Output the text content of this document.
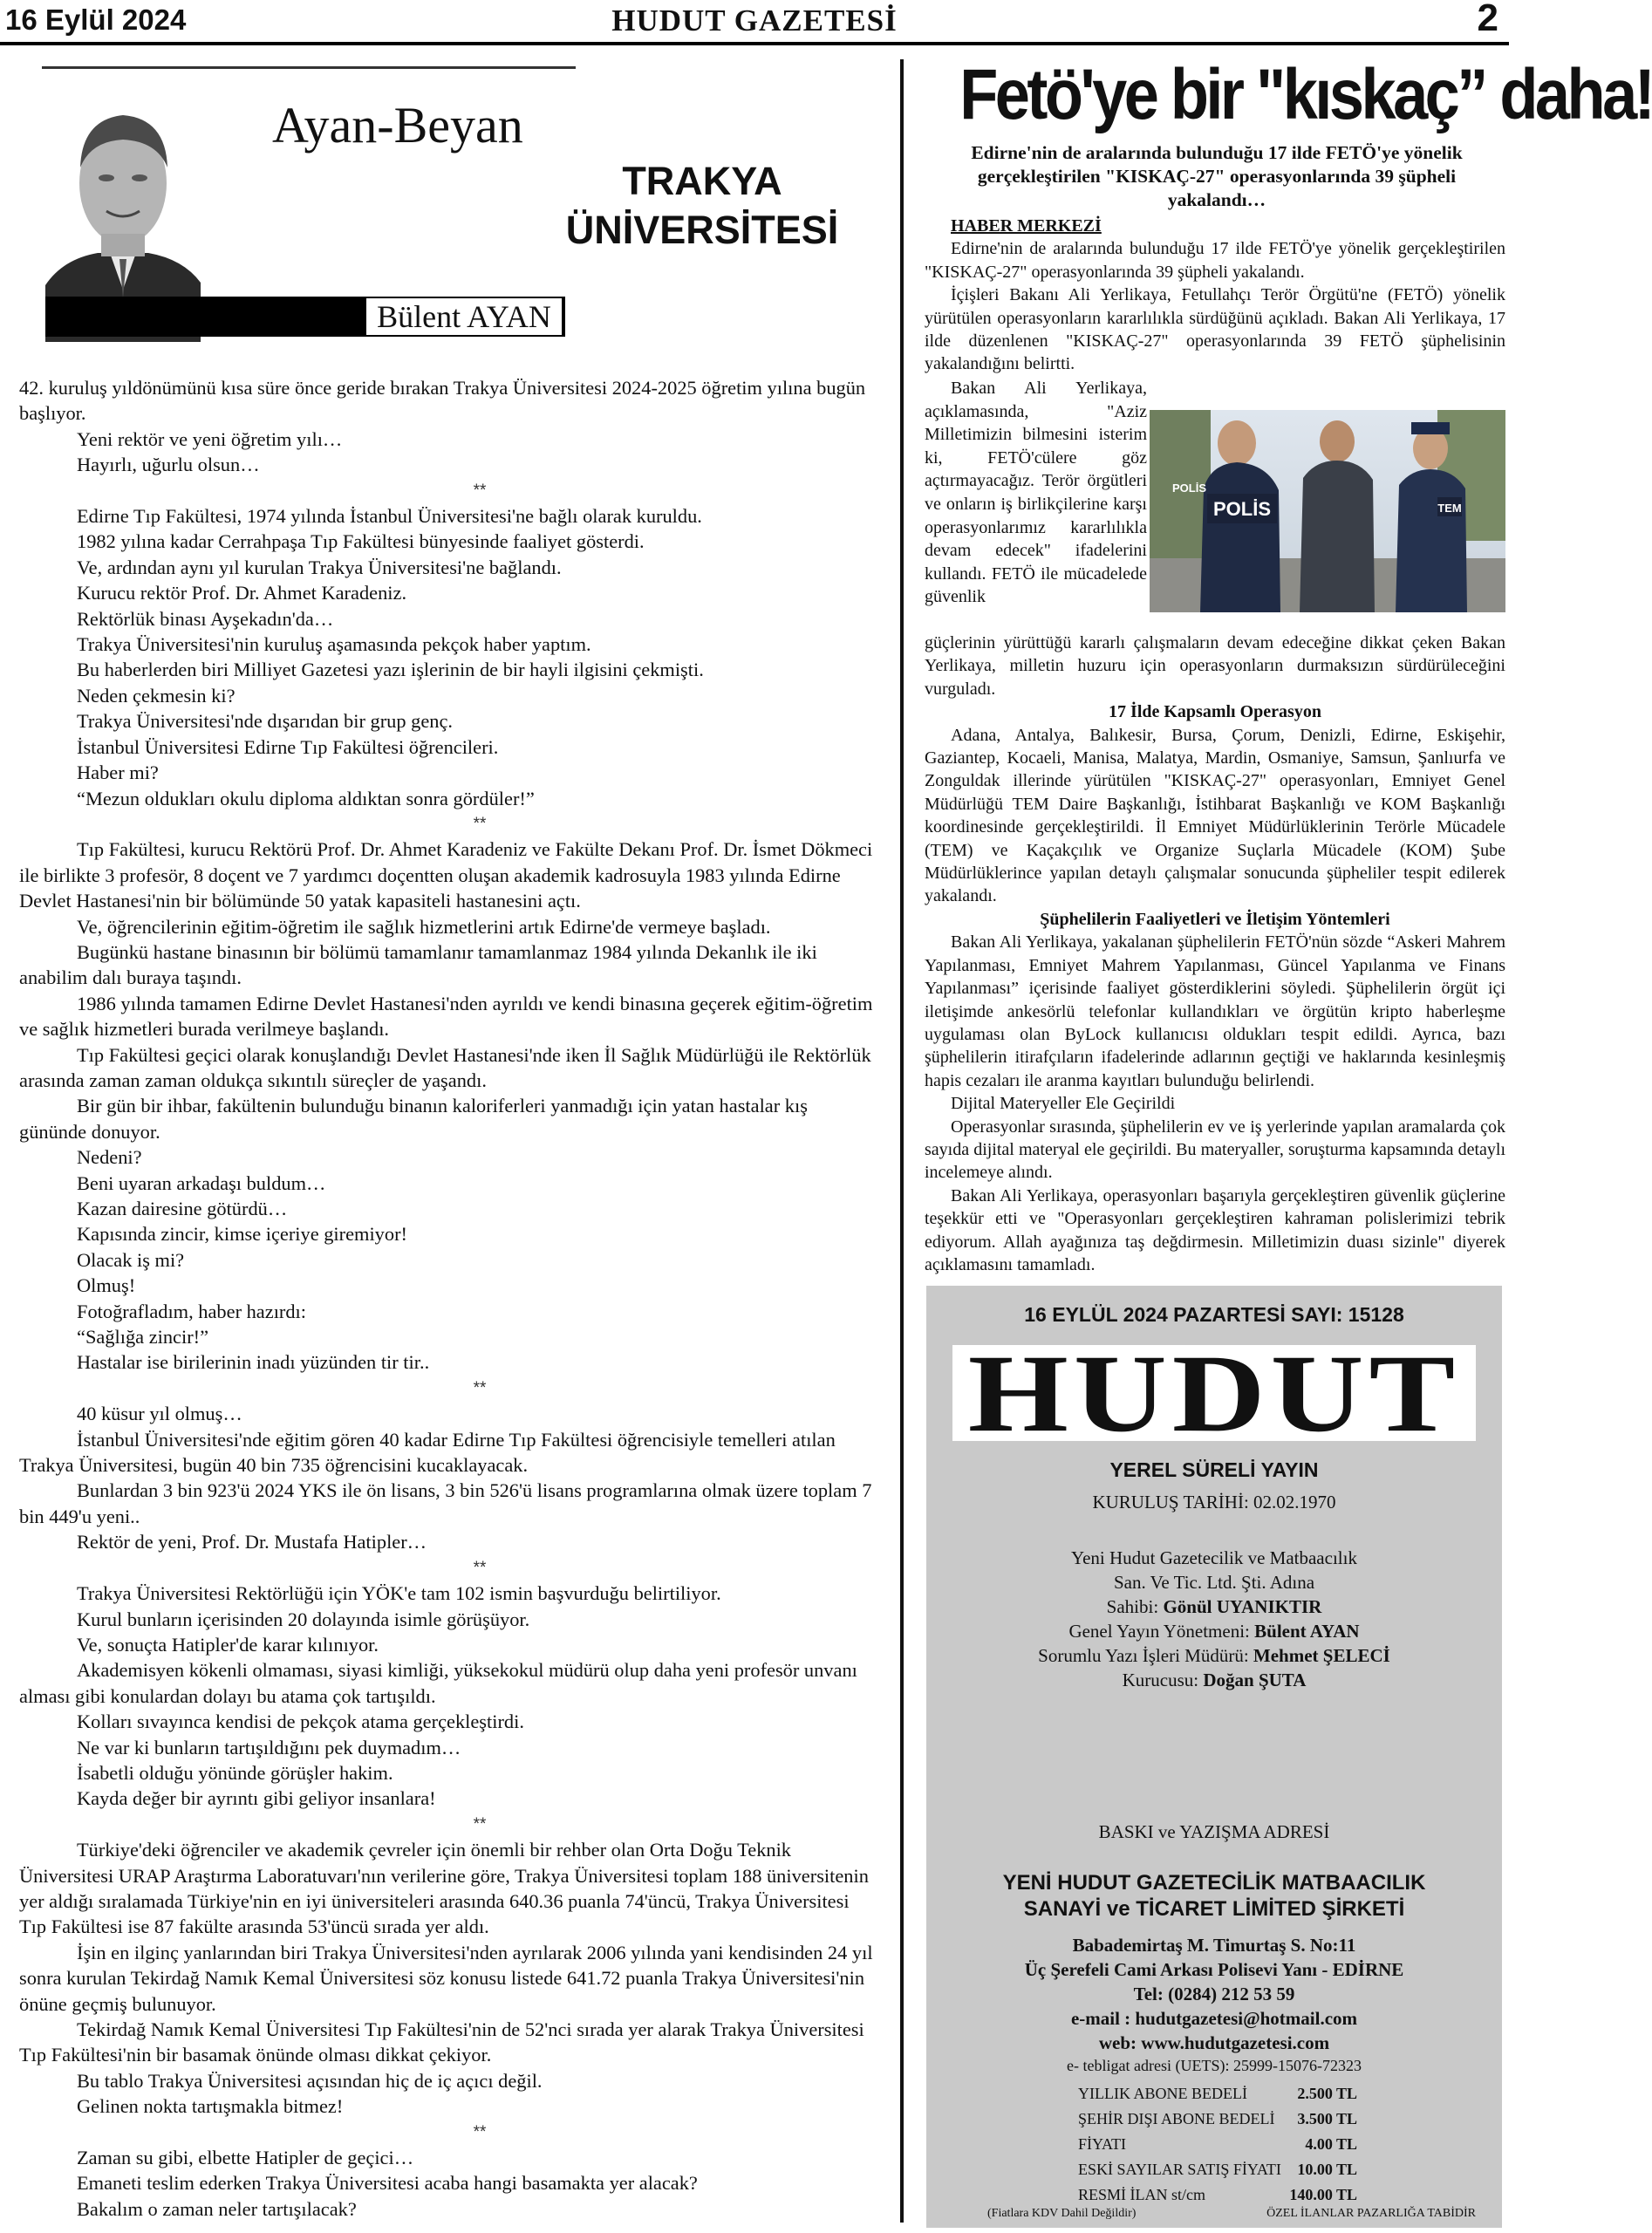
16 Eylül 2024	HUDUT GAZETESİ	2
Ayan-Beyan
Bülent AYAN
TRAKYA
ÜNİVERSİTESİ

42. kuruluş yıldönümünü kısa süre önce geride bırakan Trakya Üniversitesi 2024-2025 öğretim yılına bugün başlıyor.

Yeni rektör ve yeni öğretim yılı…

Hayırlı, uğurlu olsun…

**

Edirne Tıp Fakültesi, 1974 yılında İstanbul Üniversitesi'ne bağlı olarak kuruldu.

1982 yılına kadar Cerrahpaşa Tıp Fakültesi bünyesinde faaliyet gösterdi.

Ve, ardından aynı yıl kurulan Trakya Üniversitesi'ne bağlandı.

Kurucu rektör Prof. Dr. Ahmet Karadeniz.

Rektörlük binası Ayşekadın'da…

Trakya Üniversitesi'nin kuruluş aşamasında pekçok haber yaptım.

Bu haberlerden biri Milliyet Gazetesi yazı işlerinin de bir hayli ilgisini çekmişti.

Neden çekmesin ki?

Trakya Üniversitesi'nde dışarıdan bir grup genç.

İstanbul Üniversitesi Edirne Tıp Fakültesi öğrencileri.

Haber mi?

“Mezun oldukları okulu diploma aldıktan sonra gördüler!”

**

Tıp Fakültesi, kurucu Rektörü Prof. Dr. Ahmet Karadeniz ve Fakülte Dekanı Prof. Dr. İsmet Dökmeci ile birlikte 3 profesör, 8 doçent ve 7 yardımcı doçentten oluşan akademik kadrosuyla 1983 yılında Edirne Devlet Hastanesi'nin bir bölümünde 50 yatak kapasiteli hastanesini açtı.

Ve, öğrencilerinin eğitim-öğretim ile sağlık hizmetlerini artık Edirne'de vermeye başladı.

Bugünkü hastane binasının bir bölümü tamamlanır tamamlanmaz 1984 yılında Dekanlık ile iki anabilim dalı buraya taşındı.

1986 yılında tamamen Edirne Devlet Hastanesi'nden ayrıldı ve kendi binasına geçerek eğitim-öğretim ve sağlık hizmetleri burada verilmeye başlandı.

Tıp Fakültesi geçici olarak konuşlandığı Devlet Hastanesi'nde iken İl Sağlık Müdürlüğü ile Rektörlük arasında zaman zaman oldukça sıkıntılı süreçler de yaşandı.

Bir gün bir ihbar, fakültenin bulunduğu binanın kaloriferleri yanmadığı için yatan hastalar kış gününde donuyor.

Nedeni?

Beni uyaran arkadaşı buldum…

Kazan dairesine götürdü…

Kapısında zincir, kimse içeriye giremiyor!

Olacak iş mi?

Olmuş!

Fotoğrafladım, haber hazırdı:

“Sağlığa zincir!”

Hastalar ise birilerinin inadı yüzünden tir tir..

**

40 küsur yıl olmuş…

İstanbul Üniversitesi'nde eğitim gören 40 kadar Edirne Tıp Fakültesi öğrencisiyle temelleri atılan Trakya Üniversitesi, bugün 40 bin 735 öğrencisini kucaklayacak.

Bunlardan 3 bin 923'ü 2024 YKS ile ön lisans, 3 bin 526'ü lisans programlarına olmak üzere toplam 7 bin 449'u yeni..

Rektör de yeni, Prof. Dr. Mustafa Hatipler…

**

Trakya Üniversitesi Rektörlüğü için YÖK'e tam 102 ismin başvurduğu belirtiliyor.

Kurul bunların içerisinden 20 dolayında isimle görüşüyor.

Ve, sonuçta Hatipler'de karar kılınıyor.

Akademisyen kökenli olmaması, siyasi kimliği, yüksekokul müdürü olup daha yeni profesör unvanı alması gibi konulardan dolayı bu atama çok tartışıldı.

Kolları sıvayınca kendisi de pekçok atama gerçekleştirdi.

Ne var ki bunların tartışıldığını pek duymadım…

İsabetli olduğu yönünde görüşler hakim.

Kayda değer bir ayrıntı gibi geliyor insanlara!

**

Türkiye'deki öğrenciler ve akademik çevreler için önemli bir rehber olan Orta Doğu Teknik Üniversitesi URAP Araştırma Laboratuvarı'nın verilerine göre, Trakya Üniversitesi toplam 188 üniversitenin yer aldığı sıralamada Türkiye'nin en iyi üniversiteleri arasında 640.36 puanla 74'üncü, Trakya Üniversitesi Tıp Fakültesi ise 87 fakülte arasında 53'üncü sırada yer aldı.

İşin en ilginç yanlarından biri Trakya Üniversitesi'nden ayrılarak 2006 yılında yani kendisinden 24 yıl sonra kurulan Tekirdağ Namık Kemal Üniversitesi söz konusu listede 641.72 puanla Trakya Üniversitesi'nin önüne geçmiş bulunuyor.

Tekirdağ Namık Kemal Üniversitesi Tıp Fakültesi'nin de 52'nci sırada yer alarak Trakya Üniversitesi Tıp Fakültesi'nin bir basamak önünde olması dikkat çekiyor.

Bu tablo Trakya Üniversitesi açısından hiç de iç açıcı değil.

Gelinen nokta tartışmakla bitmez!

**

Zaman su gibi, elbette Hatipler de geçici…

Emaneti teslim ederken Trakya Üniversitesi acaba hangi basamakta yer alacak?

Bakalım o zaman neler tartışılacak?

Fetö'ye bir "kıskaç” daha!
Edirne'nin de aralarında bulunduğu 17 ilde FETÖ'ye yönelik gerçekleştirilen "KISKAÇ-27" operasyonlarında 39 şüpheli yakalandı…

HABER MERKEZİ

Edirne'nin de aralarında bulunduğu 17 ilde FETÖ'ye yönelik gerçekleştirilen "KISKAÇ-27" operasyonlarında 39 şüpheli yakalandı.

İçişleri Bakanı Ali Yerlikaya, Fetullahçı Terör Örgütü'ne (FETÖ) yönelik yürütülen operasyonların kararlılıkla sürdüğünü açıkladı. Bakan Ali Yerlikaya, 17 ilde düzenlenen "KISKAÇ-27" operasyonlarında 39 FETÖ şüphelisinin yakalandığını belirtti.

Bakan Ali Yerlikaya, açıklamasında, "Aziz Milletimizin bilmesini isterim ki, FETÖ'cülere göz açtırmayacağız. Terör örgütleri ve onların iş birlikçilerine karşı operasyonlarımız kararlılıkla devam edecek" ifadelerini kullandı. FETÖ ile mücadelede güvenlik

POLİS
POLİS
TEM

güçlerinin yürüttüğü kararlı çalışmaların devam edeceğine dikkat çeken Bakan Yerlikaya, milletin huzuru için operasyonların durmaksızın sürdürüleceğini vurguladı.

17 İlde Kapsamlı Operasyon

Adana, Antalya, Balıkesir, Bursa, Çorum, Denizli, Edirne, Eskişehir, Gaziantep, Kocaeli, Manisa, Malatya, Mardin, Osmaniye, Samsun, Şanlıurfa ve Zonguldak illerinde yürütülen "KISKAÇ-27" operasyonları, Emniyet Genel Müdürlüğü TEM Daire Başkanlığı, İstihbarat Başkanlığı ve KOM Başkanlığı koordinesinde gerçekleştirildi. İl Emniyet Müdürlüklerinin Terörle Mücadele (TEM) ve Kaçakçılık ve Organize Suçlarla Mücadele (KOM) Şube Müdürlüklerince yapılan detaylı çalışmalar sonucunda şüpheliler tespit edilerek yakalandı.

Şüphelilerin Faaliyetleri ve İletişim Yöntemleri

Bakan Ali Yerlikaya, yakalanan şüphelilerin FETÖ'nün sözde “Askeri Mahrem Yapılanması, Emniyet Mahrem Yapılanması, Güncel Yapılanma ve Finans Yapılanması” içerisinde faaliyet gösterdiklerini söyledi. Şüphelilerin örgüt içi iletişimde ankesörlü telefonlar kullandıkları ve örgütün kripto haberleşme uygulaması olan ByLock kullanıcısı oldukları tespit edildi. Ayrıca, bazı şüphelilerin itirafçıların ifadelerinde adlarının geçtiği ve haklarında kesinleşmiş hapis cezaları ile aranma kayıtları bulunduğu belirlendi.

Dijital Materyeller Ele Geçirildi

Operasyonlar sırasında, şüphelilerin ev ve iş yerlerinde yapılan aramalarda çok sayıda dijital materyal ele geçirildi. Bu materyaller, soruşturma kapsamında detaylı incelemeye alındı.

Bakan Ali Yerlikaya, operasyonları başarıyla gerçekleştiren güvenlik güçlerine teşekkür etti ve "Operasyonları gerçekleştiren kahraman polislerimizi tebrik ediyorum. Allah ayağınıza taş değdirmesin. Milletimizin duası sizinle" diyerek açıklamasını tamamladı.

16 EYLÜL 2024 PAZARTESİ SAYI: 15128
HUDUT
YEREL SÜRELİ YAYIN
KURULUŞ TARİHİ: 02.02.1970
Yeni Hudut Gazetecilik ve Matbaacılık
San. Ve Tic. Ltd. Şti. Adına
Sahibi: Gönül UYANIKTIR
Genel Yayın Yönetmeni: Bülent AYAN
Sorumlu Yazı İşleri Müdürü: Mehmet ŞELECİ
Kurucusu: Doğan ŞUTA
BASKI ve YAZIŞMA ADRESİ
YENİ HUDUT GAZETECİLİK MATBAACILIK
SANAYİ ve TİCARET LİMİTED ŞİRKETİ
Babademirtaş M. Timurtaş S. No:11
Üç Şerefeli Cami Arkası Polisevi Yanı - EDİRNE
Tel: (0284) 212 53 59
e-mail : hudutgazetesi@hotmail.com
web: www.hudutgazetesi.com
e- tebligat adresi (UETS): 25999-15076-72323
YILLIK ABONE BEDELİ	2.500 TL
ŞEHİR DIŞI ABONE BEDELİ 3.500 TL
FİYATI	4.00 TL
ESKİ SAYILAR SATIŞ FİYATI 10.00 TL
RESMİ İLAN st/cm	140.00 TL
(Fiatlara KDV Dahil Değildir)	ÖZEL İLANLAR PAZARLIĞA TABİDİR
